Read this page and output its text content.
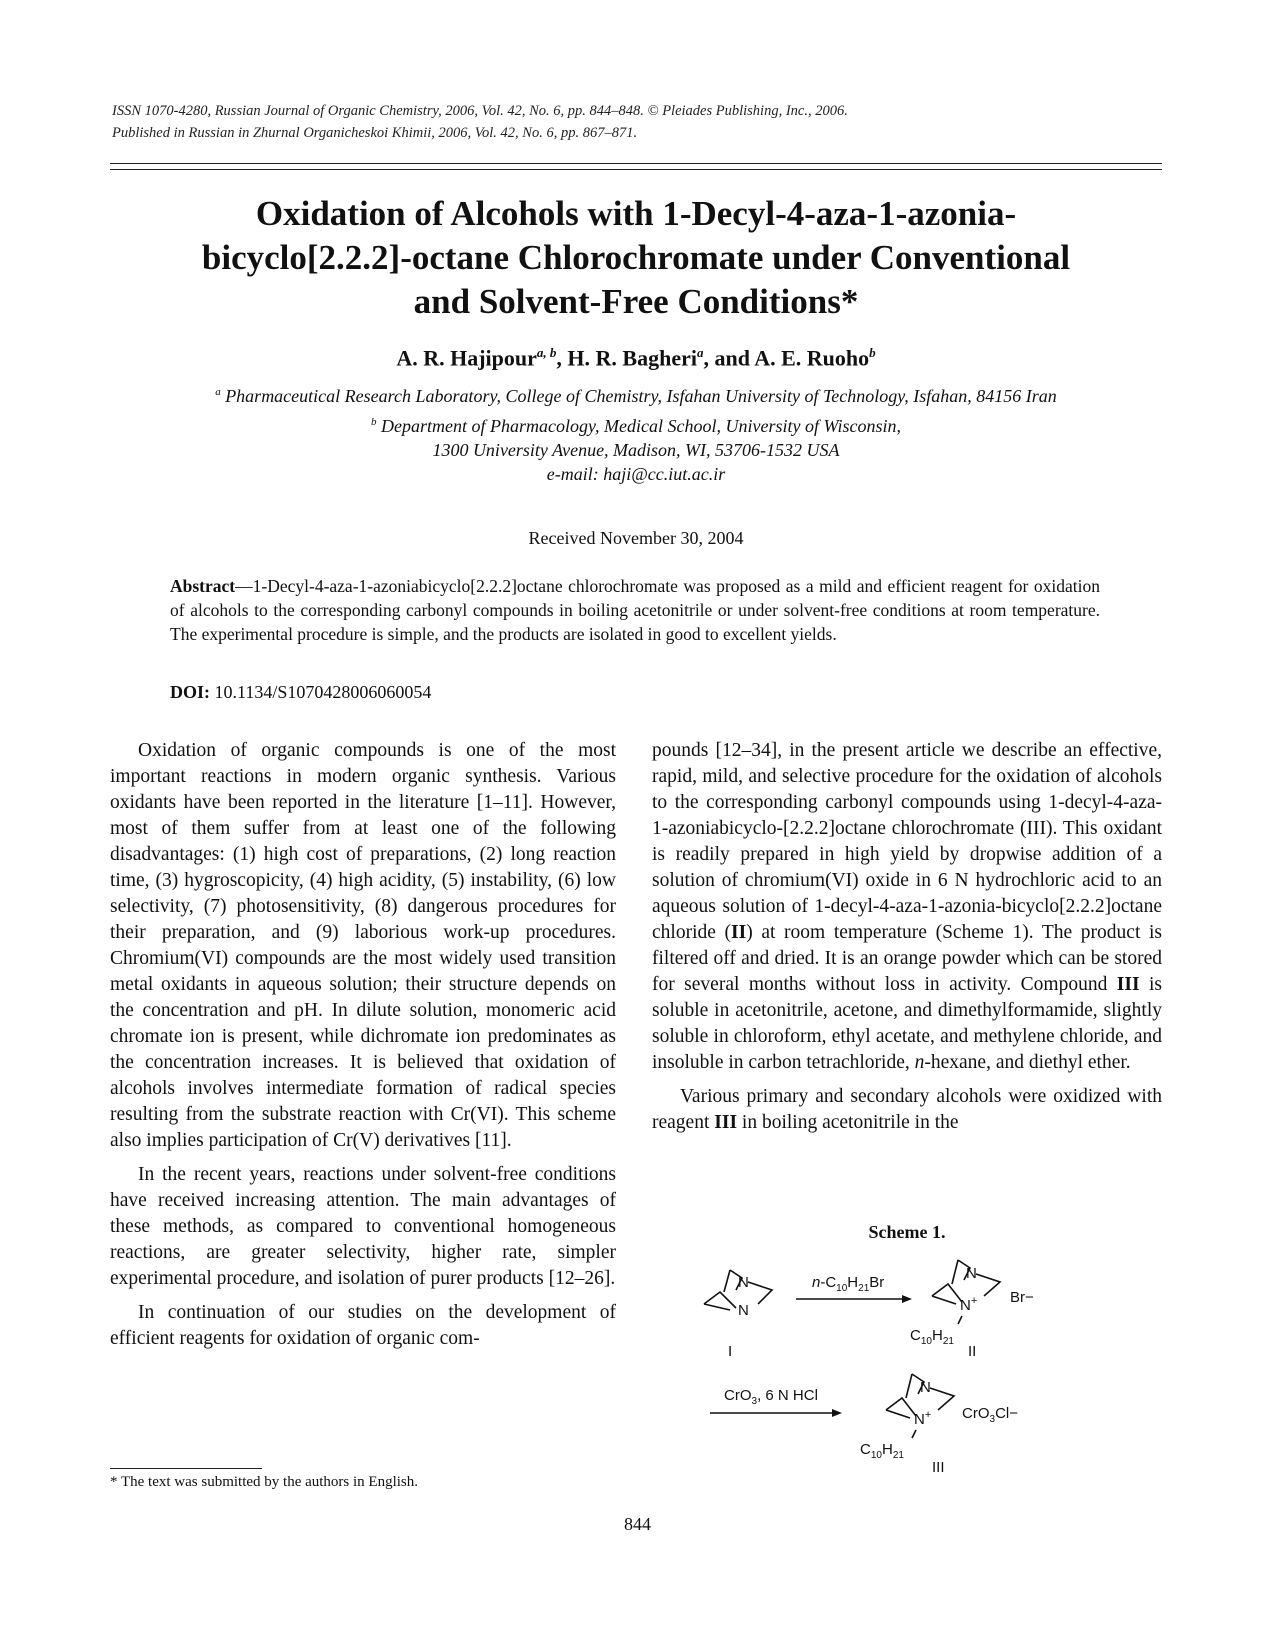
ISSN 1070-4280, Russian Journal of Organic Chemistry, 2006, Vol. 42, No. 6, pp. 844–848. © Pleiades Publishing, Inc., 2006.
Published in Russian in Zhurnal Organicheskoi Khimii, 2006, Vol. 42, No. 6, pp. 867–871.
Oxidation of Alcohols with 1-Decyl-4-aza-1-azonia-
bicyclo[2.2.2]-octane Chlorochromate under Conventional
and Solvent-Free Conditions*
A. R. Hajipour$^{a, b}$, H. R. Bagheri$^a$, and A. E. Ruoho$^b$
$^a$ Pharmaceutical Research Laboratory, College of Chemistry, Isfahan University of Technology, Isfahan, 84156 Iran
$^b$ Department of Pharmacology, Medical School, University of Wisconsin,
1300 University Avenue, Madison, WI, 53706-1532 USA
e-mail: haji@cc.iut.ac.ir
Received November 30, 2004
Abstract—1-Decyl-4-aza-1-azoniabicyclo[2.2.2]octane chlorochromate was proposed as a mild and efficient reagent for oxidation of alcohols to the corresponding carbonyl compounds in boiling acetonitrile or under solvent-free conditions at room temperature. The experimental procedure is simple, and the products are isolated in good to excellent yields.
DOI: 10.1134/S1070428006060054

Oxidation of organic compounds is one of the most important reactions in modern organic synthesis. Various oxidants have been reported in the literature [1–11]. However, most of them suffer from at least one of the following disadvantages: (1) high cost of preparations, (2) long reaction time, (3) hygroscopicity, (4) high acidity, (5) instability, (6) low selectivity, (7) photosensitivity, (8) dangerous procedures for their preparation, and (9) laborious work-up procedures. Chromium(VI) compounds are the most widely used transition metal oxidants in aqueous solution; their structure depends on the concentration and pH. In dilute solution, monomeric acid chromate ion is present, while dichromate ion predominates as the concentration increases. It is believed that oxidation of alcohols involves intermediate formation of radical species resulting from the substrate reaction with Cr(VI). This scheme also implies participation of Cr(V) derivatives [11].

In the recent years, reactions under solvent-free conditions have received increasing attention. The main advantages of these methods, as compared to conventional homogeneous reactions, are greater selectivity, higher rate, simpler experimental procedure, and isolation of purer products [12–26].

In continuation of our studies on the development of efficient reagents for oxidation of organic com-

pounds [12–34], in the present article we describe an effective, rapid, mild, and selective procedure for the oxidation of alcohols to the corresponding carbonyl compounds using 1-decyl-4-aza-1-azoniabicyclo-[2.2.2]octane chlorochromate (III). This oxidant is readily prepared in high yield by dropwise addition of a solution of chromium(VI) oxide in 6 N hydrochloric acid to an aqueous solution of 1-decyl-4-aza-1-azonia-bicyclo[2.2.2]octane chloride (II) at room temperature (Scheme 1). The product is filtered off and dried. It is an orange powder which can be stored for several months without loss in activity. Compound III is soluble in acetonitrile, acetone, and dimethylformamide, slightly soluble in chloroform, ethyl acetate, and methylene chloride, and insoluble in carbon tetrachloride, n-hexane, and diethyl ether.

Various primary and secondary alcohols were oxidized with reagent III in boiling acetonitrile in the

Scheme 1.
N
N
I
$n-C_{10}H_{21}Br$
N
N+ Br−
$C_{10}H_{21}$
II
CrO$_3$, 6 N HCl	N
N+ CrO$_3$Cl−
$C_{10}H_{21}$
III
* The text was submitted by the authors in English.
844
